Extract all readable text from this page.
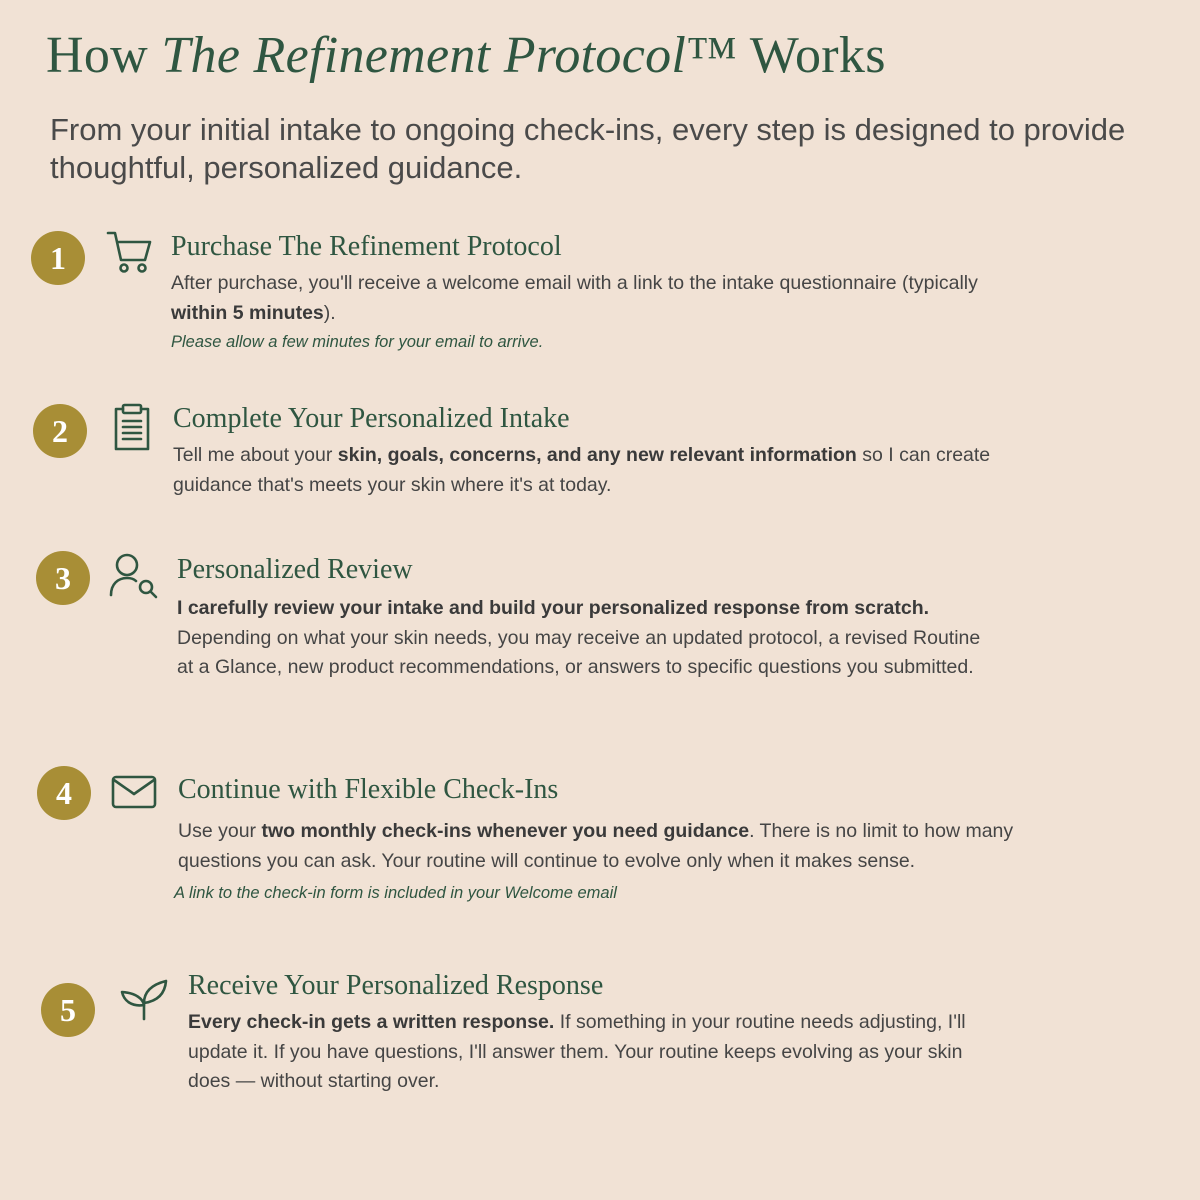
How The Refinement Protocol™ Works

From your initial intake to ongoing check-ins, every step is designed to provide thoughtful, personalized guidance.

1	Purchase The Refinement Protocol

After purchase, you'll receive a welcome email with a link to the intake questionnaire (typically within 5 minutes).

Please allow a few minutes for your email to arrive.

2	Complete Your Personalized Intake

Tell me about your skin, goals, concerns, and any new relevant information so I can create guidance that's meets your skin where it's at today.

3	Personalized Review

I carefully review your intake and build your personalized response from scratch. Depending on what your skin needs, you may receive an updated protocol, a revised Routine at a Glance, new product recommendations, or answers to specific questions you submitted.

4	Continue with Flexible Check-Ins

Use your two monthly check-ins whenever you need guidance. There is no limit to how many questions you can ask. Your routine will continue to evolve only when it makes sense.

A link to the check-in form is included in your Welcome email

5
Receive Your Personalized Response

Every check-in gets a written response. If something in your routine needs adjusting, I'll update it. If you have questions, I'll answer them. Your routine keeps evolving as your skin does — without starting over.
